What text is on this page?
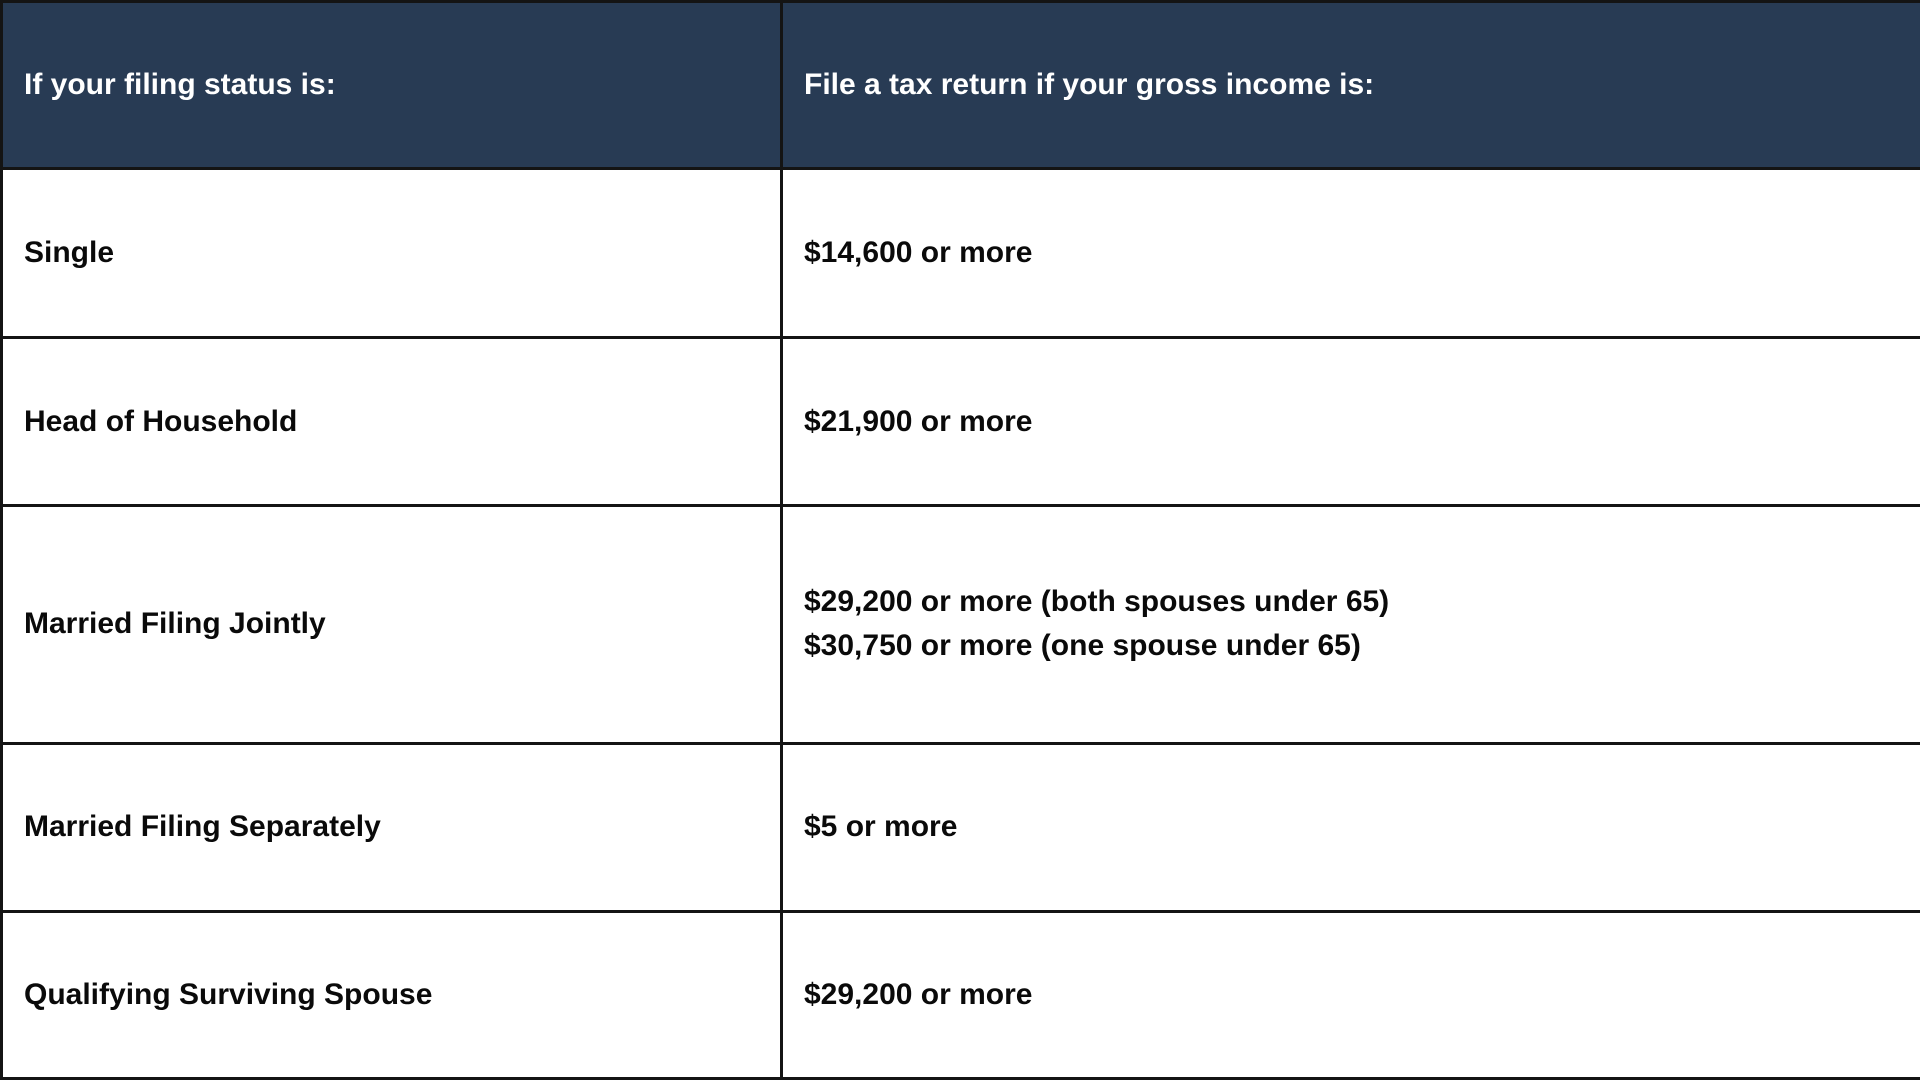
If your filing status is:	File a tax return if your gross income is:
Single	$14,600 or more

Head of Household	$21,900 or more

Married Filing Jointly	$29,200 or more (both spouses under 65)
$30,750 or more (one spouse under 65)

Married Filing Separately	$5 or more

Qualifying Surviving Spouse	$29,200 or more
